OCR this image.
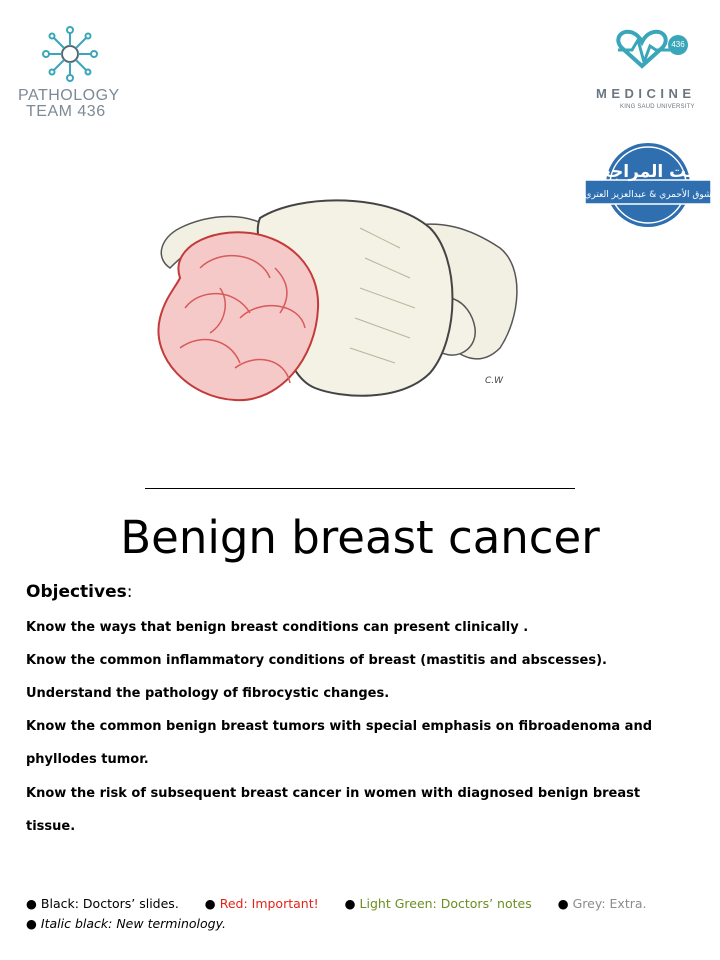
PATHOLOGY
TEAM 436
436
MEDICINE
KING SAUD UNIVERSITY
تمت المراجعة
شوق الأحمري & عبدالعزيز العتري
C.W
Benign breast cancer
Objectives:
Know the ways that benign breast conditions can present clinically .
Know the common inflammatory conditions of breast (mastitis and abscesses).
Understand the pathology of fibrocystic changes.
Know the common benign breast tumors with special emphasis on fibroadenoma and
phyllodes tumor.
Know the risk of subsequent breast cancer in women with diagnosed benign breast
tissue.
● Black: Doctors’ slides. ● Red: Important! ● Light Green: Doctors’ notes ● Grey: Extra.
● Italic black: New terminology.
